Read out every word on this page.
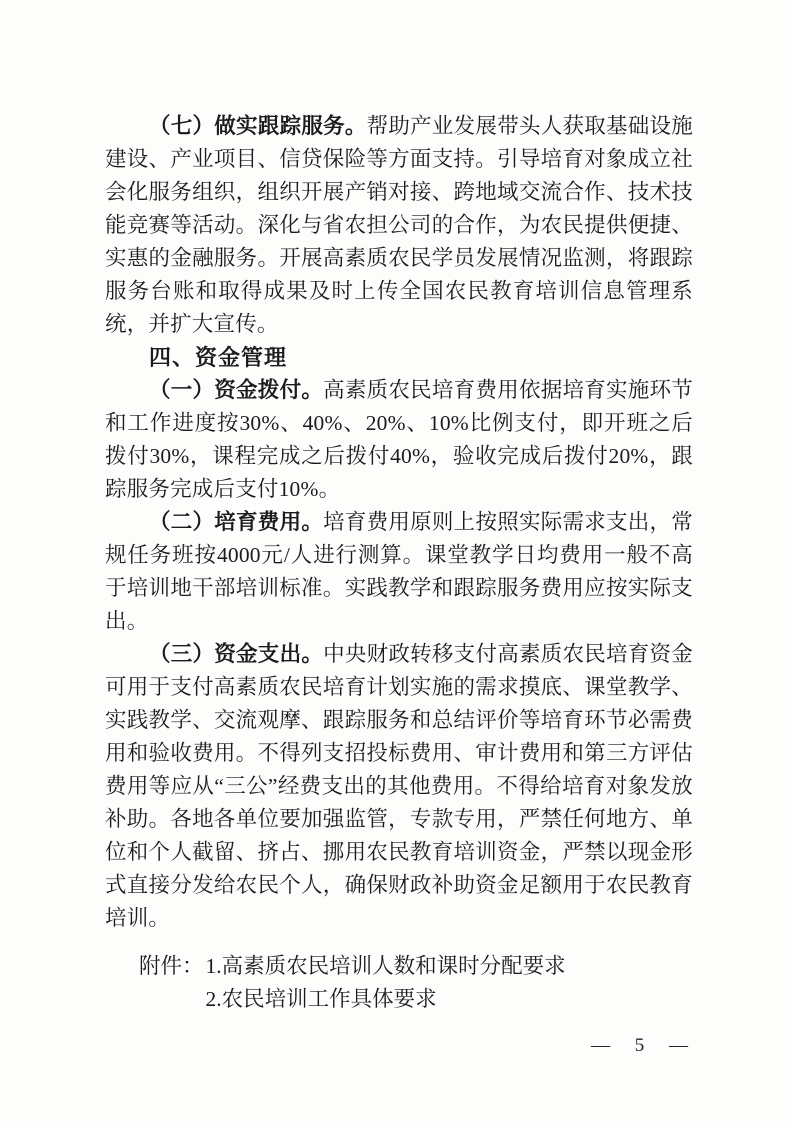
（七）做实跟踪服务。帮助产业发展带头人获取基础设施建设、产业项目、信贷保险等方面支持。引导培育对象成立社会化服务组织，组织开展产销对接、跨地域交流合作、技术技能竞赛等活动。深化与省农担公司的合作，为农民提供便捷、实惠的金融服务。开展高素质农民学员发展情况监测，将跟踪服务台账和取得成果及时上传全国农民教育培训信息管理系统，并扩大宣传。

四、资金管理

（一）资金拨付。高素质农民培育费用依据培育实施环节和工作进度按30%、40%、20%、10%比例支付，即开班之后拨付30%，课程完成之后拨付40%，验收完成后拨付20%，跟踪服务完成后支付10%。

（二）培育费用。培育费用原则上按照实际需求支出，常规任务班按4000元/人进行测算。课堂教学日均费用一般不高于培训地干部培训标准。实践教学和跟踪服务费用应按实际支出。

（三）资金支出。中央财政转移支付高素质农民培育资金可用于支付高素质农民培育计划实施的需求摸底、课堂教学、实践教学、交流观摩、跟踪服务和总结评价等培育环节必需费用和验收费用。不得列支招投标费用、审计费用和第三方评估费用等应从“三公”经费支出的其他费用。不得给培育对象发放补助。各地各单位要加强监管，专款专用，严禁任何地方、单位和个人截留、挤占、挪用农民教育培训资金，严禁以现金形式直接分发给农民个人，确保财政补助资金足额用于农民教育培训。

附件： 1.高素质农民培训人数和课时分配要求
2.农民培训工作具体要求
— 5 —
